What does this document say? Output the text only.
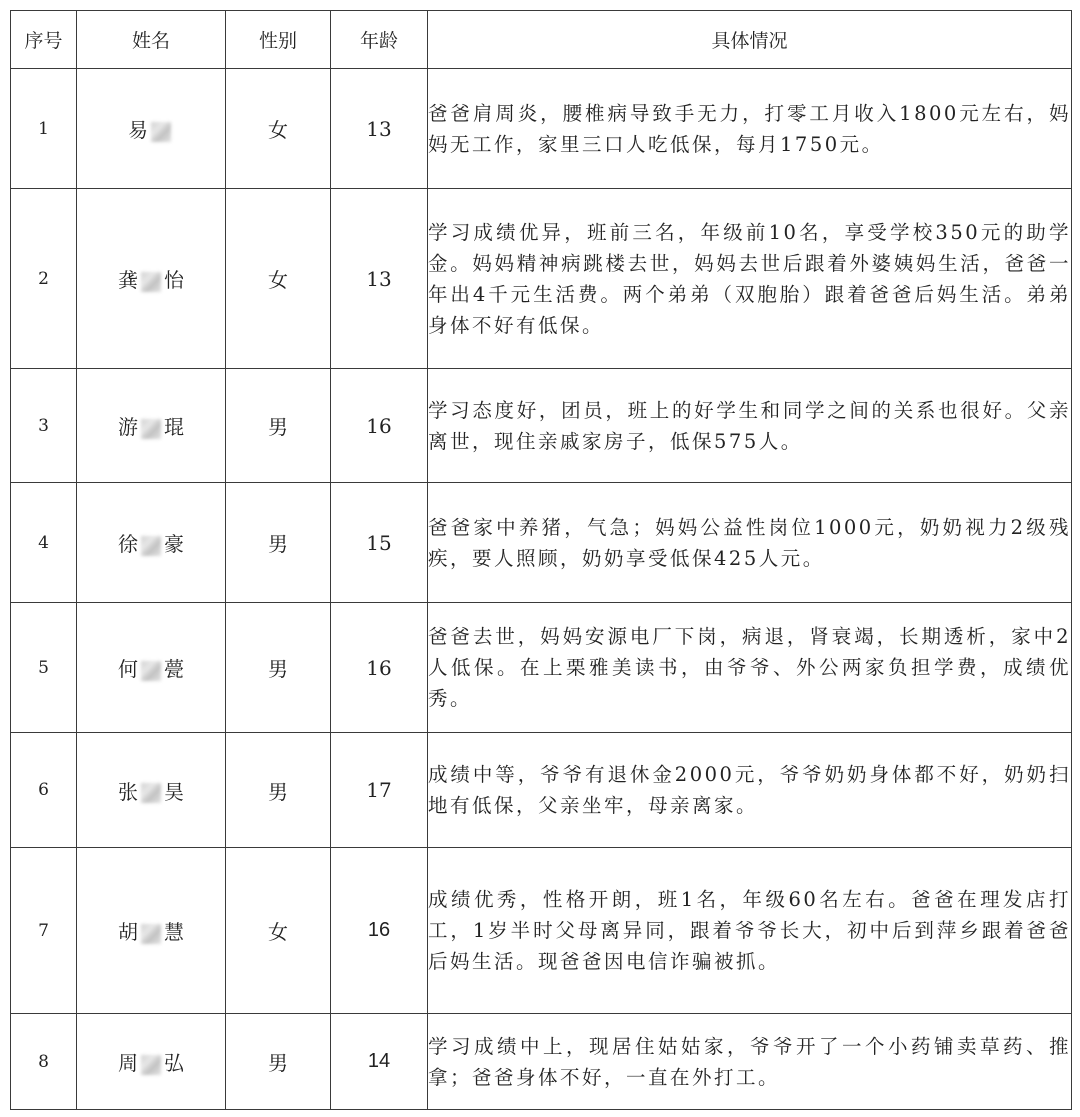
序号	姓名	性别	年龄	具体情况
1	易	女	13	爸爸肩周炎，腰椎病导致手无力，打零工月收入1800元左右，妈妈无工作，家里三口人吃低保，每月1750元。
2	龚 怡	女	13	学习成绩优异，班前三名，年级前10名，享受学校350元的助学金。妈妈精神病跳楼去世，妈妈去世后跟着外婆姨妈生活，爸爸一年出4千元生活费。两个弟弟（双胞胎）跟着爸爸后妈生活。弟弟身体不好有低保。
3	游 琨	男	16	学习态度好，团员，班上的好学生和同学之间的关系也很好。父亲离世，现住亲戚家房子，低保575人。
4	徐 豪	男	15	爸爸家中养猪，气急；妈妈公益性岗位1000元，奶奶视力2级残疾，要人照顾，奶奶享受低保425人元。
5	何 甍	男	16	爸爸去世，妈妈安源电厂下岗，病退，肾衰竭，长期透析，家中2人低保。在上栗雅美读书，由爷爷、外公两家负担学费，成绩优秀。
6	张 昊	男	17	成绩中等，爷爷有退休金2000元，爷爷奶奶身体都不好，奶奶扫地有低保，父亲坐牢，母亲离家。
7	胡 慧	女	16	成绩优秀，性格开朗，班1名，年级60名左右。爸爸在理发店打工，1岁半时父母离异同，跟着爷爷长大，初中后到萍乡跟着爸爸后妈生活。现爸爸因电信诈骗被抓。
8	周 弘	男	14	学习成绩中上，现居住姑姑家，爷爷开了一个小药铺卖草药、推拿；爸爸身体不好，一直在外打工。
